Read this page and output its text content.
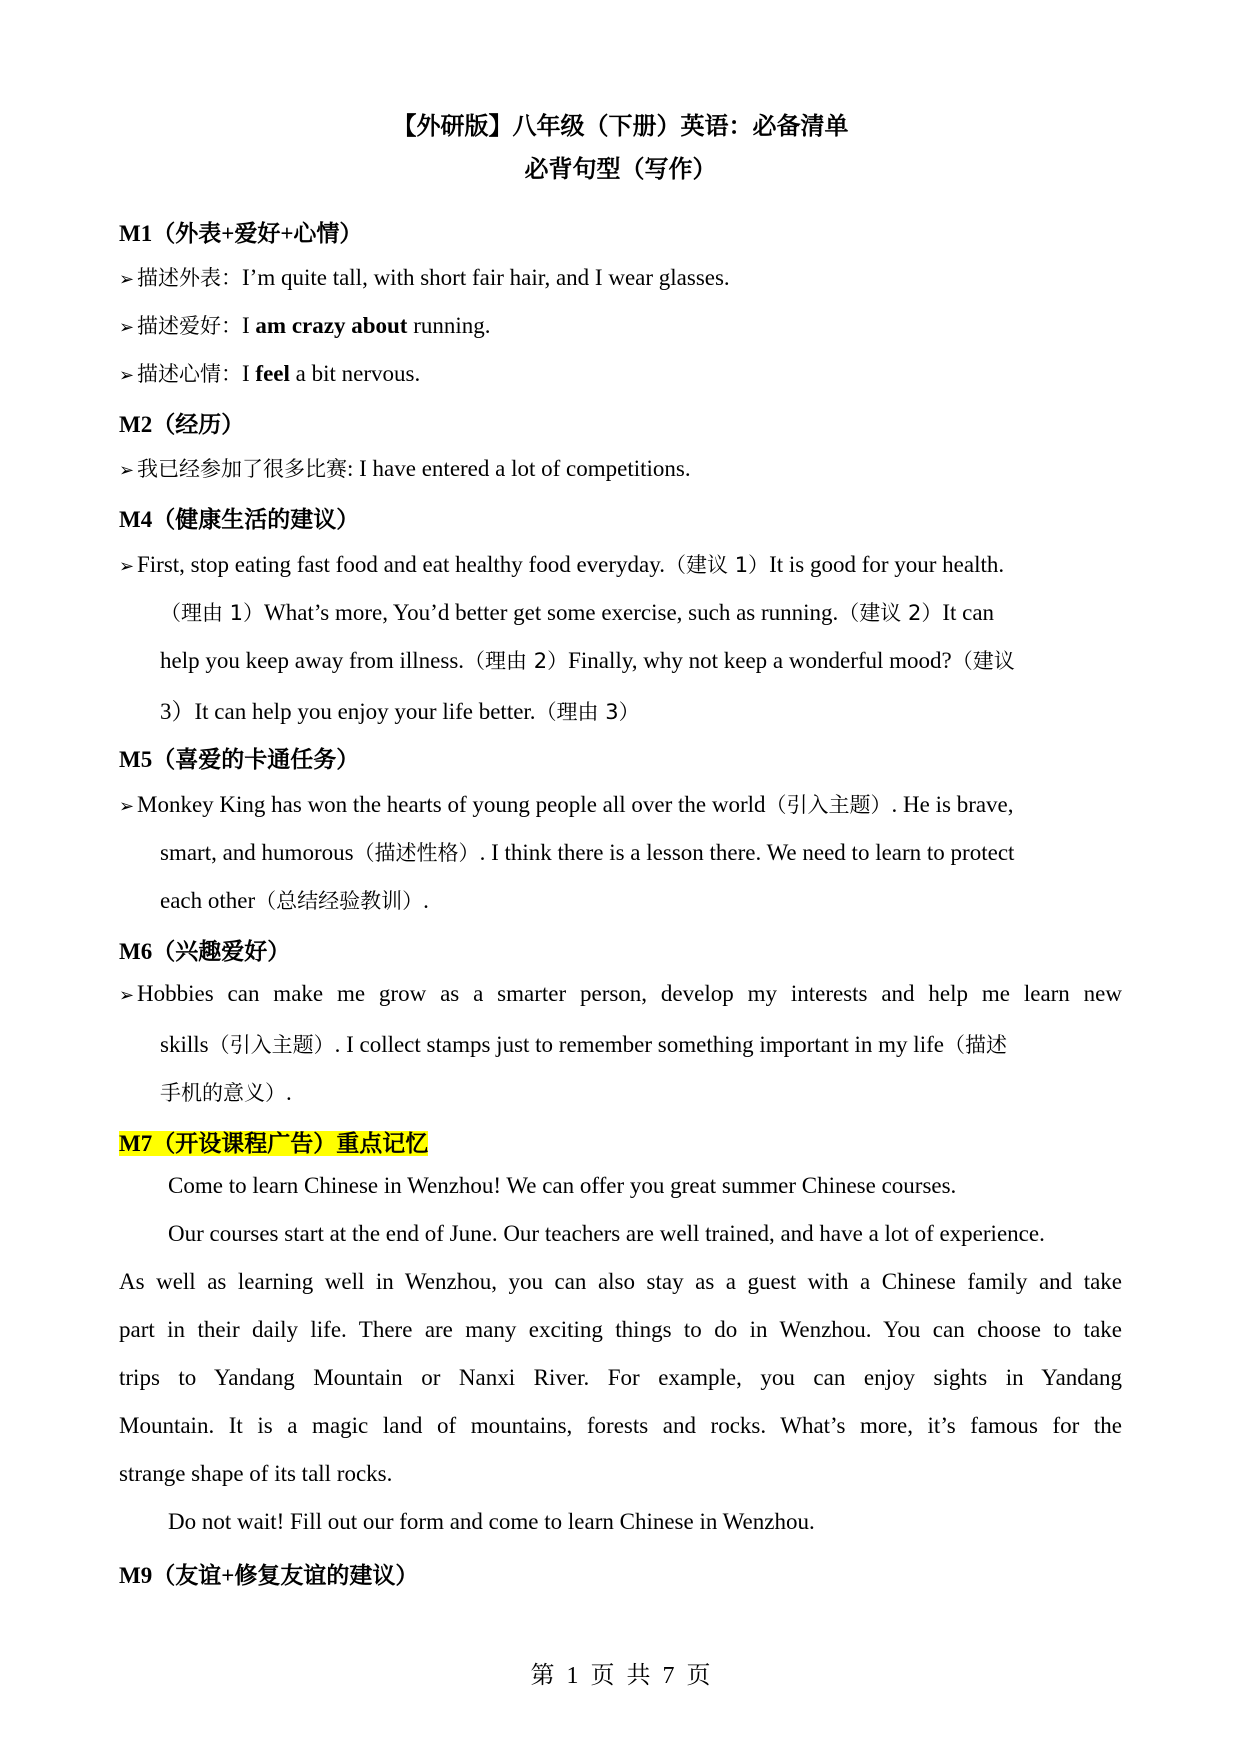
【外研版】八年级（下册）英语：必备清单
必背句型（写作）
M1（外表+爱好+心情）
➢ 描述外表：I’m quite tall, with short fair hair, and I wear glasses.
➢ 描述爱好：I am crazy about running.
➢ 描述心情：I feel a bit nervous.
M2（经历）
➢ 我已经参加了很多比赛: I have entered a lot of competitions.
M4（健康生活的建议）
➢ First, stop eating fast food and eat healthy food everyday.（建议 1）It is good for your health.
（理由 1）What’s more, You’d better get some exercise, such as running.（建议 2）It can
help you keep away from illness.（理由 2）Finally, why not keep a wonderful mood?（建议
3）It can help you enjoy your life better.（理由 3）
M5（喜爱的卡通任务）
➢ Monkey King has won the hearts of young people all over the world（引入主题）. He is brave,
smart, and humorous（描述性格）. I think there is a lesson there. We need to learn to protect
each other（总结经验教训）.
M6（兴趣爱好）
➢ Hobbies can make me grow as a smarter person, develop my interests and help me learn new
skills（引入主题）. I collect stamps just to remember something important in my life（描述
手机的意义）.
M7（开设课程广告）重点记忆
Come to learn Chinese in Wenzhou! We can offer you great summer Chinese courses.
Our courses start at the end of June. Our teachers are well trained, and have a lot of experience.
As well as learning well in Wenzhou, you can also stay as a guest with a Chinese family and take
part in their daily life. There are many exciting things to do in Wenzhou. You can choose to take
trips to Yandang Mountain or Nanxi River. For example, you can enjoy sights in Yandang
Mountain. It is a magic land of mountains, forests and rocks. What’s more, it’s famous for the
strange shape of its tall rocks.
Do not wait! Fill out our form and come to learn Chinese in Wenzhou.
M9（友谊+修复友谊的建议）
第 1 页 共 7 页
